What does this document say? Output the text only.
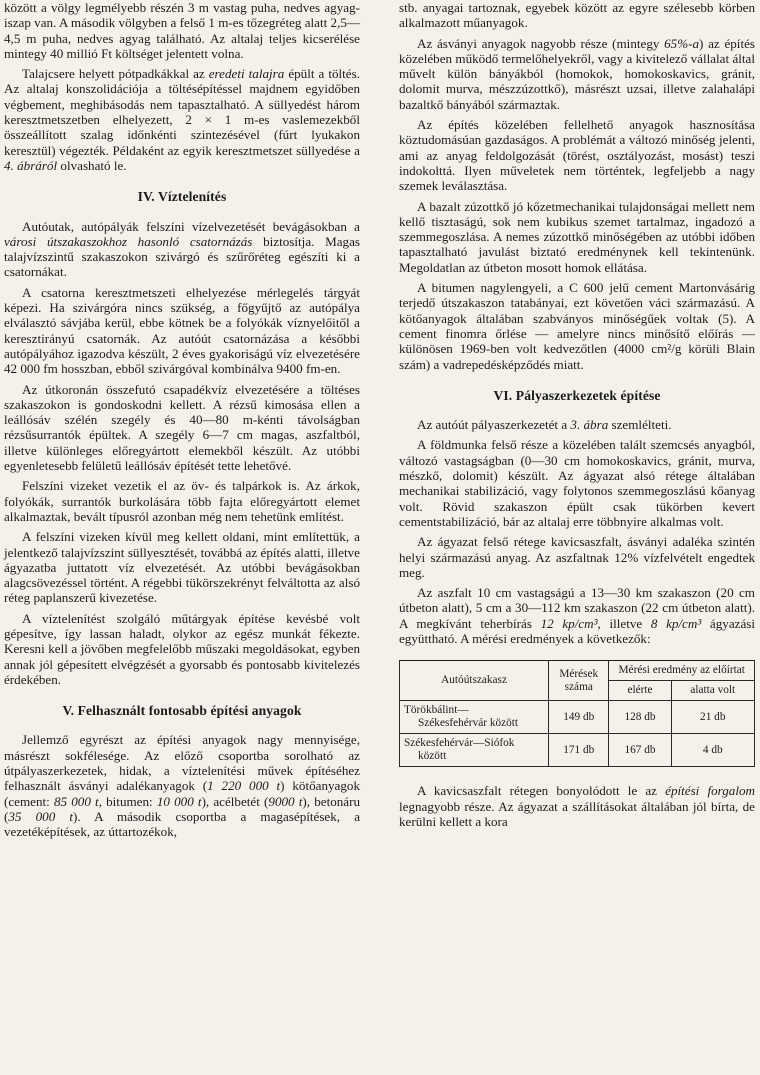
között a völgy legmélyebb részén 3 m vastag puha, nedves agyag-iszap van. A második völgyben a felső 1 m-es tőzegréteg alatt 2,5—4,5 m puha, nedves agyag található. Az altalaj teljes kicserélése mintegy 40 millió Ft költséget jelentett volna.

Talajcsere helyett pótpadkákkal az eredeti talajra épült a töltés. Az altalaj konszolidációja a töltésépítéssel majdnem egyidőben végbement, meghibásodás nem tapasztalható. A süllyedést három keresztmetszetben elhelyezett, 2 × 1 m-es vaslemezekből összeállított szalag időnkénti szintezésével (fúrt lyukakon keresztül) végezték. Példaként az egyik keresztmetszet süllyedése a 4. ábráról olvasható le.

IV. Víztelenítés

Autóutak, autópályák felszíni vízelvezetését bevágásokban a városi útszakaszokhoz hasonló csatornázás biztosítja. Magas talajvízszintű szakaszokon szivárgó és szűrőréteg egészíti ki a csatornákat.

A csatorna keresztmetszeti elhelyezése mérlegelés tárgyát képezi. Ha szivárgóra nincs szükség, a főgyűjtő az autópálya elválasztó sávjába kerül, ebbe kötnek be a folyókák víznyelőitől a keresztirányú csatornák. Az autóút csatornázása a későbbi autópályához igazodva készült, 2 éves gyakoriságú víz elvezetésére 42 000 fm hosszban, ebből szivárgóval kombinálva 9400 fm-en.

Az útkoronán összefutó csapadékvíz elvezetésére a töltéses szakaszokon is gondoskodni kellett. A rézsű kimosása ellen a leállósáv szélén szegély és 40—80 m-kénti távolságban rézsűsurrantók épültek. A szegély 6—7 cm magas, aszfaltból, illetve különleges előregyártott elemekből készült. Az utóbbi egyenletesebb felületű leállósáv építését tette lehetővé.

Felszíni vizeket vezetik el az öv- és talpárkok is. Az árkok, folyókák, surrantók burkolására több fajta előregyártott elemet alkalmaztak, bevált típusról azonban még nem tehetünk említést.

A felszíni vizeken kívül meg kellett oldani, mint említettük, a jelentkező talajvízszint süllyesztését, továbbá az építés alatti, illetve ágyazatba juttatott víz elvezetését. Az utóbbi bevágásokban alagcsövezéssel történt. A régebbi tükörszekrényt felváltotta az alsó réteg paplanszerű kivezetése.

A víztelenítést szolgáló műtárgyak építése kevésbé volt gépesítve, így lassan haladt, olykor az egész munkát fékezte. Keresni kell a jövőben megfelelőbb műszaki megoldásokat, egyben annak jól gépesített elvégzését a gyorsabb és pontosabb kivitelezés érdekében.

V. Felhasznált fontosabb építési anyagok

Jellemző egyrészt az építési anyagok nagy mennyisége, másrészt sokfélesége. Az előző csoportba sorolható az útpályaszerkezetek, hidak, a víztelenítési művek építéséhez felhasznált ásványi adalékanyagok (1 220 000 t) kötőanyagok (cement: 85 000 t, bitumen: 10 000 t), acélbetét (9000 t), betonáru (35 000 t). A második csoportba a magasépítések, a vezetéképítések, az úttartozékok,

stb. anyagai tartoznak, egyebek között az egyre szélesebb körben alkalmazott műanyagok.

Az ásványi anyagok nagyobb része (mintegy 65%-a) az építés közelében működő termelőhelyekről, vagy a kivitelező vállalat által művelt külön bányákból (homokok, homokoskavics, gránit, dolomit murva, mészzúzottkő), másrészt uzsai, illetve zalahalápi bazaltkő bányából származtak.

Az építés közelében fellelhető anyagok hasznosítása köztudomásúan gazdaságos. A problémát a változó minőség jelenti, ami az anyag feldolgozását (törést, osztályozást, mosást) teszi indokolttá. Ilyen műveletek nem történtek, legfeljebb a nagy szemek leválasztása.

A bazalt zúzottkő jó kőzetmechanikai tulajdonságai mellett nem kellő tisztaságú, sok nem kubikus szemet tartalmaz, ingadozó a szemmegoszlása. A nemes zúzottkő minőségében az utóbbi időben tapasztalható javulást biztató eredménynek kell tekintenünk. Megoldatlan az útbeton mosott homok ellátása.

A bitumen nagylengyeli, a C 600 jelű cement Martonvásárig terjedő útszakaszon tatabányai, ezt követően váci származású. A kötőanyagok általában szabványos minőségűek voltak (5). A cement finomra őrlése — amelyre nincs minősítő előírás — különösen 1969-ben volt kedvezőtlen (4000 cm²/g körüli Blain szám) a vadrepedésképződés miatt.

VI. Pályaszerkezetek építése

Az autóút pályaszerkezetét a 3. ábra szemlélteti.

A földmunka felső része a közelében talált szemcsés anyagból, változó vastagságban (0—30 cm homokoskavics, gránit, murva, mészkő, dolomit) készült. Az ágyazat alsó rétege általában mechanikai stabilizáció, vagy folytonos szemmegoszlású kőanyag volt. Rövid szakaszon épült csak tükörben kevert cementstabilizáció, bár az altalaj erre többnyire alkalmas volt.

Az ágyazat felső rétege kavicsaszfalt, ásványi adaléka szintén helyi származású anyag. Az aszfaltnak 12% vízfelvételt engedtek meg.

Az aszfalt 10 cm vastagságú a 13—30 km szakaszon (20 cm útbeton alatt), 5 cm a 30—112 km szakaszon (22 cm útbeton alatt). A megkívánt teherbírás 12 kp/cm³, illetve 8 kp/cm³ ágyazási együttható. A mérési eredmények a következők:

Autóútszakasz	Mérések száma	Mérési eredmény az előírtat	
		elérte	alatta volt
Törökbálint—
Székesfehérvár között	149 db	128 db	21 db
Székesfehérvár—Siófok
között	171 db	167 db	4 db

A kavicsaszfalt rétegen bonyolódott le az építési forgalom legnagyobb része. Az ágyazat a szállításokat általában jól bírta, de kerülni kellett a kora
